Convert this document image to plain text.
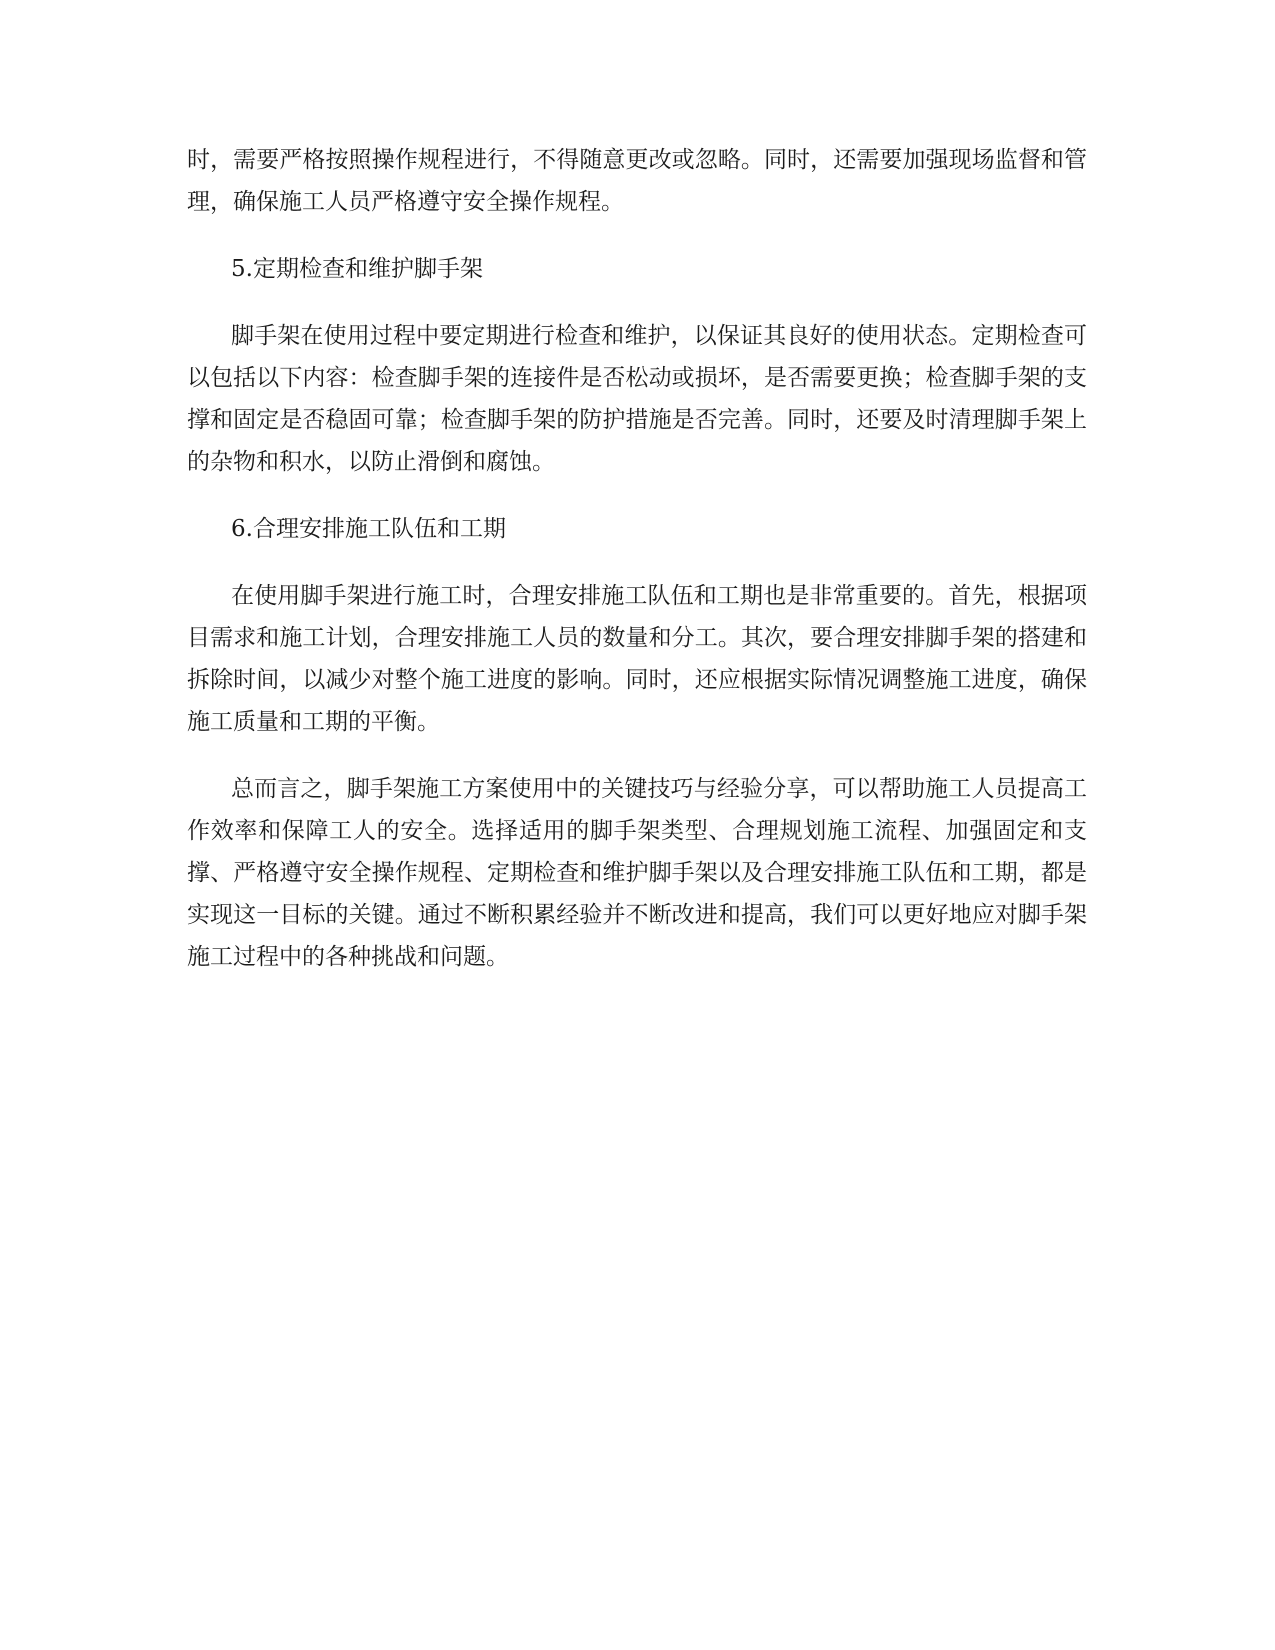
时，需要严格按照操作规程进行，不得随意更改或忽略。同时，还需要加强现场监督和管理，确保施工人员严格遵守安全操作规程。

5.定期检查和维护脚手架

脚手架在使用过程中要定期进行检查和维护，以保证其良好的使用状态。定期检查可以包括以下内容：检查脚手架的连接件是否松动或损坏，是否需要更换；检查脚手架的支撑和固定是否稳固可靠；检查脚手架的防护措施是否完善。同时，还要及时清理脚手架上的杂物和积水，以防止滑倒和腐蚀。

6.合理安排施工队伍和工期

在使用脚手架进行施工时，合理安排施工队伍和工期也是非常重要的。首先，根据项目需求和施工计划，合理安排施工人员的数量和分工。其次，要合理安排脚手架的搭建和拆除时间，以减少对整个施工进度的影响。同时，还应根据实际情况调整施工进度，确保施工质量和工期的平衡。

总而言之，脚手架施工方案使用中的关键技巧与经验分享，可以帮助施工人员提高工作效率和保障工人的安全。选择适用的脚手架类型、合理规划施工流程、加强固定和支撑、严格遵守安全操作规程、定期检查和维护脚手架以及合理安排施工队伍和工期，都是实现这一目标的关键。通过不断积累经验并不断改进和提高，我们可以更好地应对脚手架施工过程中的各种挑战和问题。
